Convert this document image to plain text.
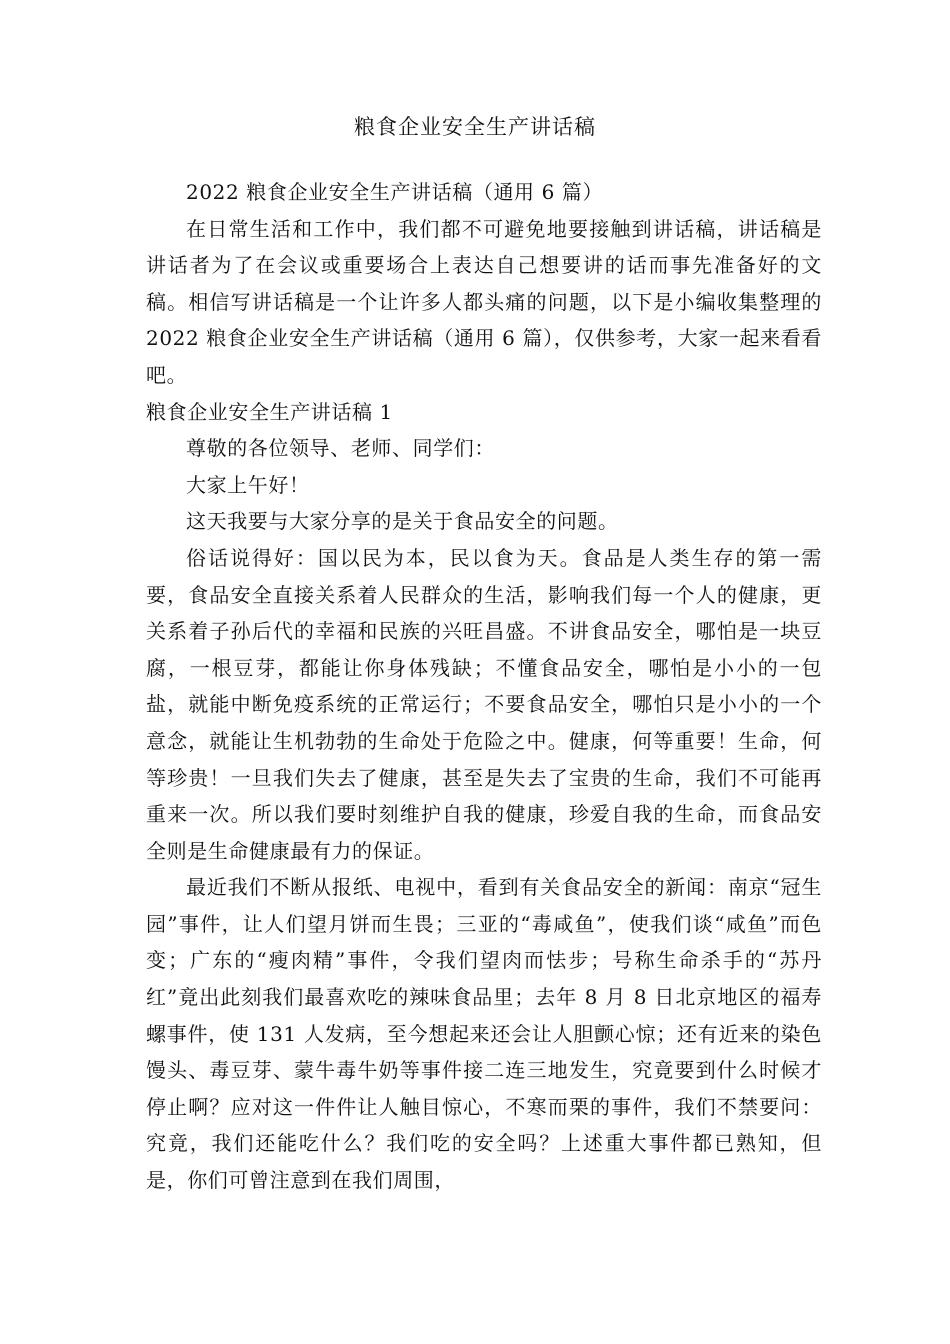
粮食企业安全生产讲话稿

2022 粮食企业安全生产讲话稿（通用 6 篇）

在日常生活和工作中，我们都不可避免地要接触到讲话稿，讲话稿是讲话者为了在会议或重要场合上表达自己想要讲的话而事先准备好的文稿。相信写讲话稿是一个让许多人都头痛的问题，以下是小编收集整理的 2022 粮食企业安全生产讲话稿（通用 6 篇），仅供参考，大家一起来看看吧。

粮食企业安全生产讲话稿 1

尊敬的各位领导、老师、同学们：

大家上午好！

这天我要与大家分享的是关于食品安全的问题。

俗话说得好：国以民为本，民以食为天。食品是人类生存的第一需要，食品安全直接关系着人民群众的生活，影响我们每一个人的健康，更关系着子孙后代的幸福和民族的兴旺昌盛。不讲食品安全，哪怕是一块豆腐，一根豆芽，都能让你身体残缺；不懂食品安全，哪怕是小小的一包盐，就能中断免疫系统的正常运行；不要食品安全，哪怕只是小小的一个意念，就能让生机勃勃的生命处于危险之中。健康，何等重要！生命，何等珍贵！一旦我们失去了健康，甚至是失去了宝贵的生命，我们不可能再重来一次。所以我们要时刻维护自我的健康，珍爱自我的生命，而食品安全则是生命健康最有力的保证。

最近我们不断从报纸、电视中，看到有关食品安全的新闻：南京“冠生园”事件，让人们望月饼而生畏；三亚的“毒咸鱼”，使我们谈“咸鱼”而色变；广东的“瘦肉精”事件，令我们望肉而怯步；号称生命杀手的“苏丹红”竟出此刻我们最喜欢吃的辣味食品里；去年 8 月 8 日北京地区的福寿螺事件，使 131 人发病，至今想起来还会让人胆颤心惊；还有近来的染色馒头、毒豆芽、蒙牛毒牛奶等事件接二连三地发生，究竟要到什么时候才停止啊？应对这一件件让人触目惊心，不寒而栗的事件，我们不禁要问：究竟，我们还能吃什么？我们吃的安全吗？上述重大事件都已熟知，但是，你们可曾注意到在我们周围，
